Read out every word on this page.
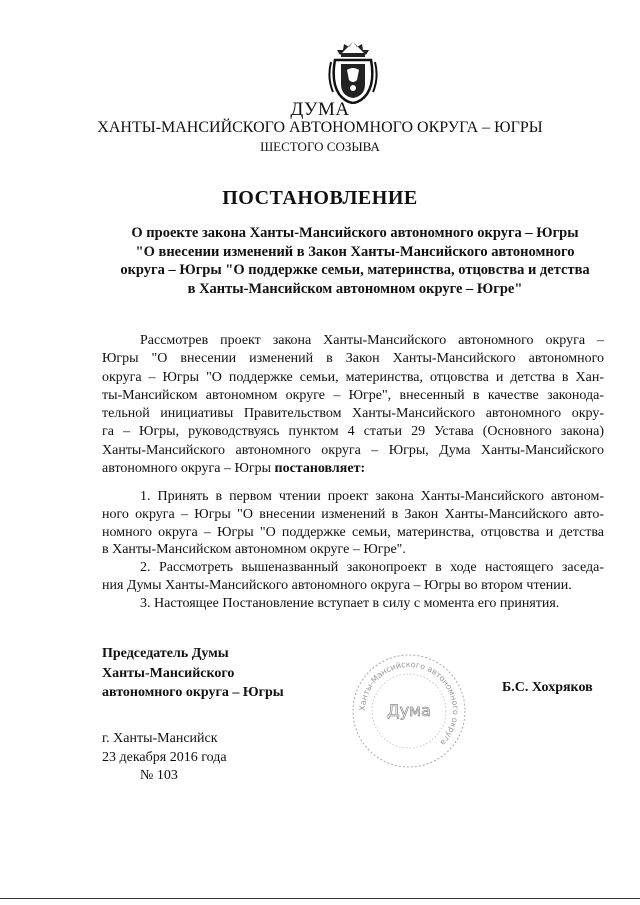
ДУМА
ХАНТЫ-МАНСИЙСКОГО АВТОНОМНОГО ОКРУГА – ЮГРЫ
ШЕСТОГО СОЗЫВА
ПОСТАНОВЛЕНИЕ
О проекте закона Ханты-Мансийского автономного округа – Югры
"О внесении изменений в Закон Ханты-Мансийского автономного
округа – Югры "О поддержке семьи, материнства, отцовства и детства
в Ханты-Мансийском автономном округе – Югре"
Рассмотрев проект закона Ханты-Мансийского автономного округа –
Югры "О внесении изменений в Закон Ханты-Мансийского автономного
округа – Югры "О поддержке семьи, материнства, отцовства и детства в Хан-
ты-Мансийском автономном округе – Югре", внесенный в качестве законода-
тельной инициативы Правительством Ханты-Мансийского автономного окру-
га – Югры, руководствуясь пунктом 4 статьи 29 Устава (Основного закона)
Ханты-Мансийского автономного округа – Югры, Дума Ханты-Мансийского
автономного округа – Югры постановляет:
1. Принять в первом чтении проект закона Ханты-Мансийского автоном-
ного округа – Югры "О внесении изменений в Закон Ханты-Мансийского авто-
номного округа – Югры "О поддержке семьи, материнства, отцовства и детства
в Ханты-Мансийском автономном округе – Югре".
2. Рассмотреть вышеназванный законопроект в ходе настоящего заседа-
ния Думы Ханты-Мансийского автономного округа – Югры во втором чтении.
3. Настоящее Постановление вступает в силу с момента его принятия.
Председатель Думы
Ханты-Мансийского
автономного округа – Югры
Ханты-Мансийского автономного округа
Дума
Б.С. Хохряков
г. Ханты-Мансийск
23 декабря 2016 года
№ 103
